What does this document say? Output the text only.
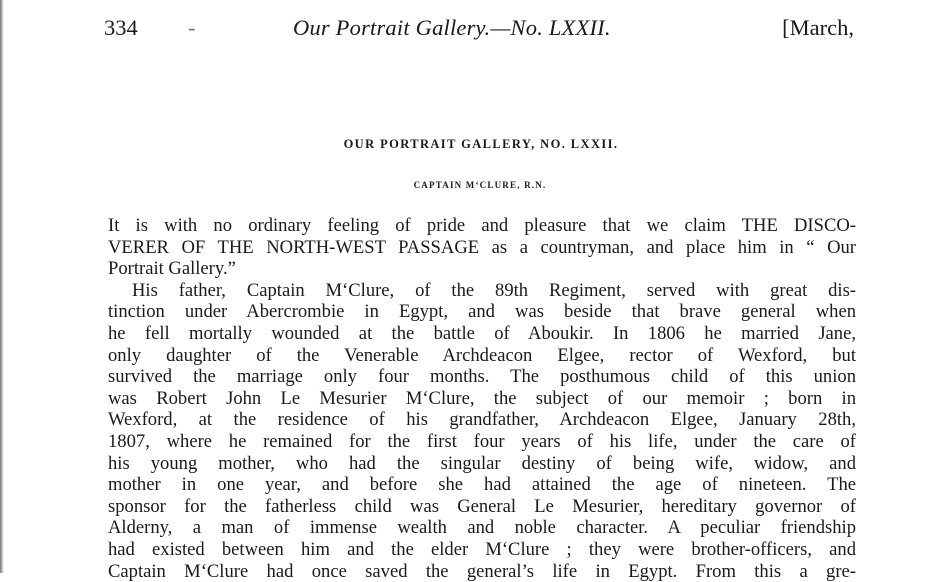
334 -	Our Portrait Gallery.—No. LXXII.	[March,
OUR PORTRAIT GALLERY, NO. LXXII.
CAPTAIN M‘CLURE, R.N.
It is with no ordinary feeling of pride and pleasure that we claim THE DISCO-
VERER OF THE NORTH-WEST PASSAGE as a countryman, and place him in “ Our
Portrait Gallery.”
His father, Captain M‘Clure, of the 89th Regiment, served with great dis-
tinction under Abercrombie in Egypt, and was beside that brave general when
he fell mortally wounded at the battle of Aboukir. In 1806 he married Jane,
only daughter of the Venerable Archdeacon Elgee, rector of Wexford, but
survived the marriage only four months. The posthumous child of this union
was Robert John Le Mesurier M‘Clure, the subject of our memoir ; born in
Wexford, at the residence of his grandfather, Archdeacon Elgee, January 28th,
1807, where he remained for the first four years of his life, under the care of
his young mother, who had the singular destiny of being wife, widow, and
mother in one year, and before she had attained the age of nineteen. The
sponsor for the fatherless child was General Le Mesurier, hereditary governor of
Alderny, a man of immense wealth and noble character. A peculiar friendship
had existed between him and the elder M‘Clure ; they were brother-officers, and
Captain M‘Clure had once saved the general’s life in Egypt. From this a gre-
